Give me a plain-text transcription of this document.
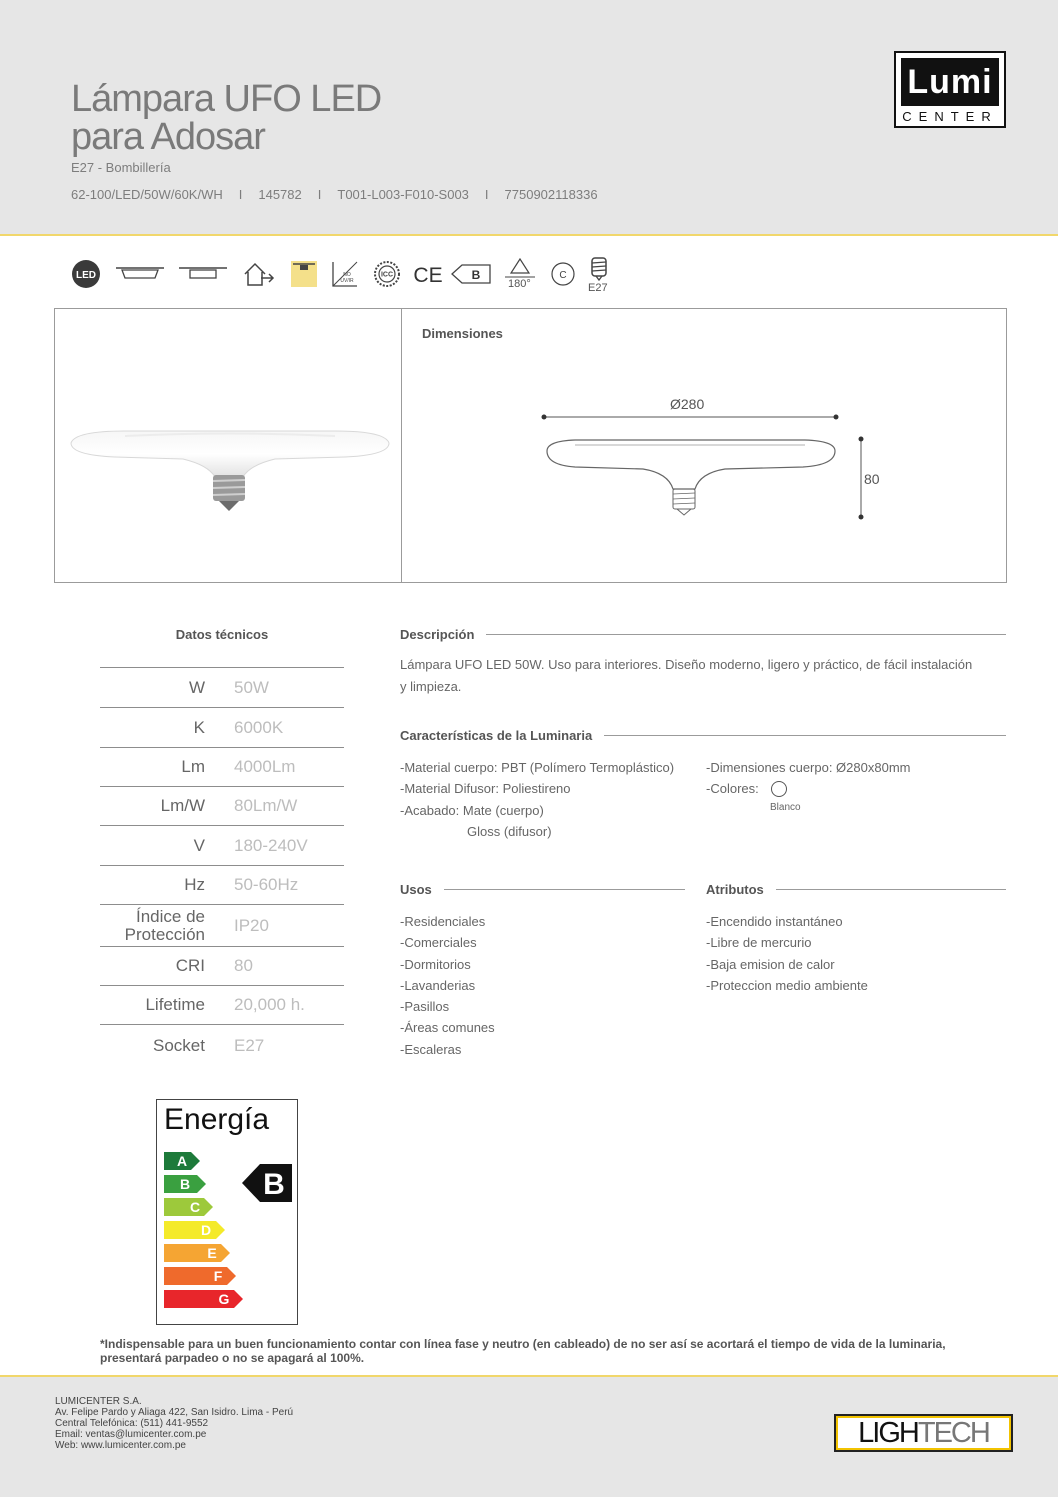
Lámpara UFO LED
para Adosar
E27 - Bombillería
62-100/LED/50W/60K/WH I 145782 I T001-L003-F010-S003 I 7750902118336
Lumi
CENTER
LED	NO
UV/IR
ICC CE B
180°
C
E27
Dimensiones
Ø280
80
Datos técnicos
W 50W
K 6000K
Lm 4000Lm
Lm/W 80Lm/W
V 180-240V
Hz 50-60Hz
Índice de
Protección IP20
CRI 80
Lifetime 20,000 h.
Socket E27
Descripción
Lámpara UFO LED 50W. Uso para interiores. Diseño moderno, ligero y práctico, de fácil instalación
y limpieza.
Características de la Luminaria
-Material cuerpo: PBT (Polímero Termoplástico)
-Material Difusor: Poliestireno
-Acabado: Mate (cuerpo)
Gloss (difusor)
-Dimensiones cuerpo: Ø280x80mm
-Colores:
Blanco
Usos
-Residenciales
-Comerciales
-Dormitorios
-Lavanderias
-Pasillos
-Áreas comunes
-Escaleras
Atributos
-Encendido instantáneo
-Libre de mercurio
-Baja emision de calor
-Proteccion medio ambiente
Energía
A
B
C
D
E
F
G
B
*Indispensable para un buen funcionamiento contar con línea fase y neutro (en cableado) de no ser así se acortará el tiempo de vida de la luminaria,
presentará parpadeo o no se apagará al 100%.
LUMICENTER S.A.
Av. Felipe Pardo y Aliaga 422, San Isidro. Lima - Perú
Central Telefónica: (511) 441-9552
Email: ventas@lumicenter.com.pe
Web: www.lumicenter.com.pe	LIGH TECH
